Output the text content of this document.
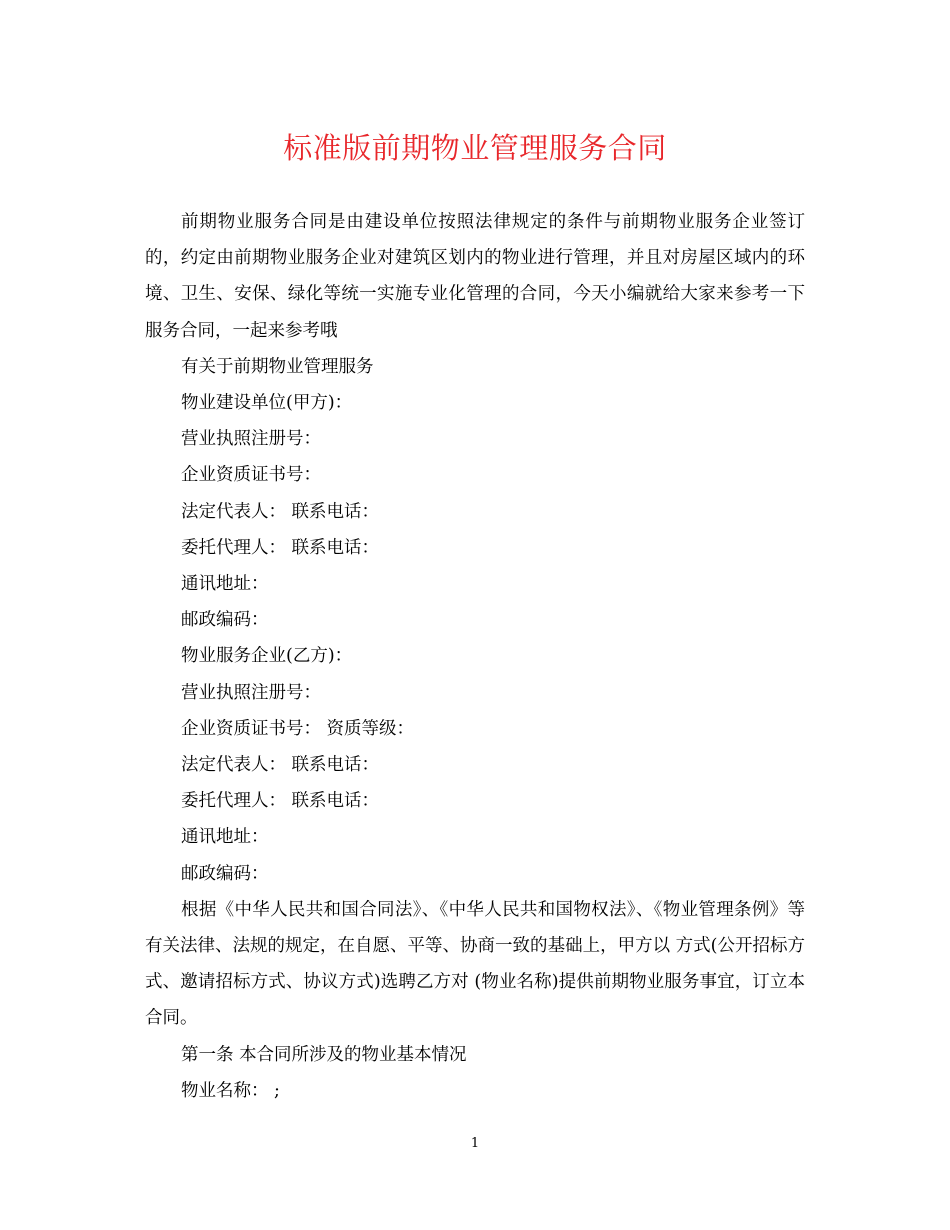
标准版前期物业管理服务合同

前期物业服务合同是由建设单位按照法律规定的条件与前期物业服务企业签订的，约定由前期物业服务企业对建筑区划内的物业进行管理，并且对房屋区域内的环境、卫生、安保、绿化等统一实施专业化管理的合同，今天小编就给大家来参考一下服务合同，一起来参考哦

有关于前期物业管理服务

物业建设单位(甲方)：

营业执照注册号：

企业资质证书号：

法定代表人： 联系电话：

委托代理人： 联系电话：

通讯地址：

邮政编码：

物业服务企业(乙方)：

营业执照注册号：

企业资质证书号： 资质等级：

法定代表人： 联系电话：

委托代理人： 联系电话：

通讯地址：

邮政编码：

根据《中华人民共和国合同法》、《中华人民共和国物权法》、《物业管理条例》等有关法律、法规的规定，在自愿、平等、协商一致的基础上，甲方以 方式(公开招标方式、邀请招标方式、协议方式)选聘乙方对 (物业名称)提供前期物业服务事宜，订立本合同。

第一条 本合同所涉及的物业基本情况

物业名称： ;

1
